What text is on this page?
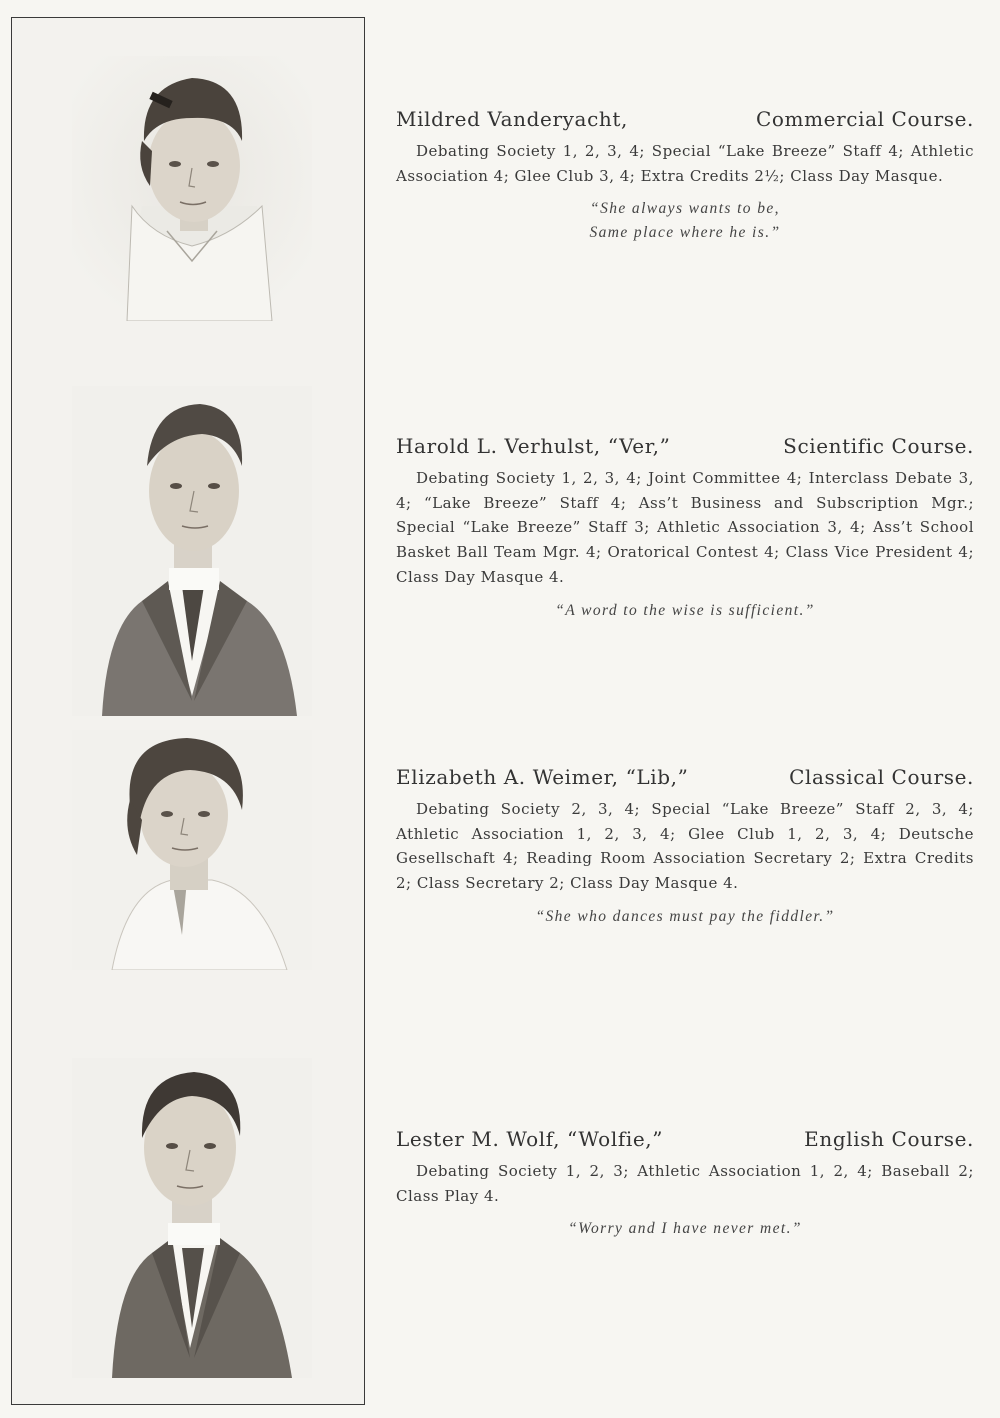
Mildred Vanderyacht,	Commercial Course.

Debating Society 1, 2, 3, 4; Special “Lake Breeze” Staff 4; Athletic Association 4; Glee Club 3, 4; Extra Credits 2½; Class Day Masque.

“She always wants to be,
Same place where he is.”
Harold L. Verhulst, “Ver,”	Scientific Course.

Debating Society 1, 2, 3, 4; Joint Committee 4; Interclass Debate 3, 4; “Lake Breeze” Staff 4; Ass’t Business and Subscription Mgr.; Special “Lake Breeze” Staff 3; Athletic Association 3, 4; Ass’t School Basket Ball Team Mgr. 4; Oratorical Contest 4; Class Vice President 4; Class Day Masque 4.

“A word to the wise is sufficient.”
Elizabeth A. Weimer, “Lib,”	Classical Course.

Debating Society 2, 3, 4; Special “Lake Breeze” Staff 2, 3, 4; Athletic Association 1, 2, 3, 4; Glee Club 1, 2, 3, 4; Deutsche Gesellschaft 4; Reading Room Association Secretary 2; Extra Credits 2; Class Secretary 2; Class Day Masque 4.

“She who dances must pay the fiddler.”
Lester M. Wolf, “Wolfie,”	English Course.

Debating Society 1, 2, 3; Athletic Association 1, 2, 4; Baseball 2; Class Play 4.

“Worry and I have never met.”
